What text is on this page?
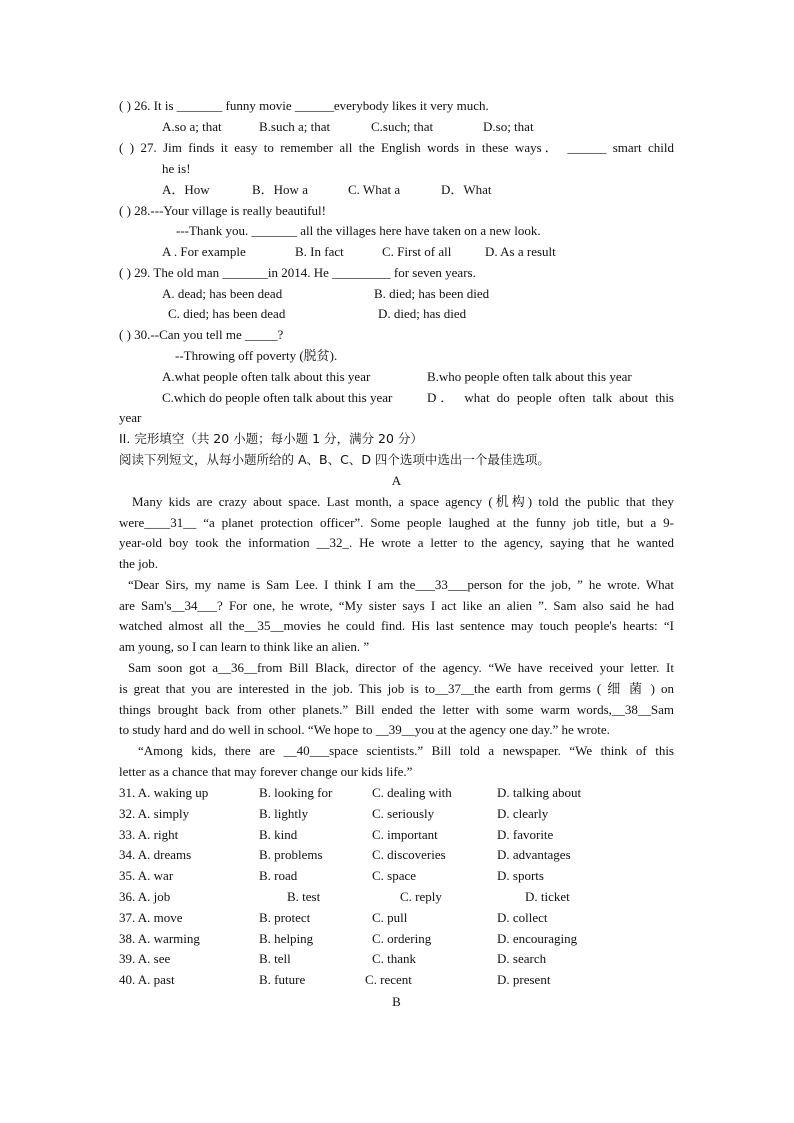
( ) 26. It is _______ funny movie ______everybody likes it very much.
A.so a; that	B.such a; that	C.such; that	D.so; that
( ) 27. Jim finds it easy to remember all the English words in these ways． ______ smart child
he is!
A．How	B．How a	C. What a	D．What
( ) 28.---Your village is really beautiful!
---Thank you. _______ all the villages here have taken on a new look.
A . For example	B. In fact	C. First of all	D. As a result
( ) 29. The old man _______in 2014. He _________ for seven years.
A. dead; has been dead	B. died; has been died
C. died; has been dead	D. died; has died
( ) 30.--Can you tell me _____?
--Throwing off poverty (脱贫).
A.what people often talk about this year	B.who people often talk about this year
C.which do people often talk about this year	D． what do people often talk about this
year
II. 完形填空（共 20 小题；每小题 1 分，满分 20 分）
阅读下列短文，从每小题所给的 A、B、C、D 四个选项中选出一个最佳选项。
A
Many kids are crazy about space. Last month, a space agency (机构) told the public that they
were____31__ “a planet protection officer”. Some people laughed at the funny job title, but a 9-
year-old boy took the information __32_. He wrote a letter to the agency, saying that he wanted
the job.
“Dear Sirs, my name is Sam Lee. I think I am the___33___person for the job, ” he wrote. What
are Sam's__34___? For one, he wrote, “My sister says I act like an alien ”. Sam also said he had
watched almost all the__35__movies he could find. His last sentence may touch people's hearts: “I
am young, so I can learn to think like an alien. ”
Sam soon got a__36__from Bill Black, director of the agency. “We have received your letter. It
is great that you are interested in the job. This job is to__37__the earth from germs ( 细 菌 ) on
things brought back from other planets.” Bill ended the letter with some warm words,__38__Sam
to study hard and do well in school. “We hope to __39__you at the agency one day.” he wrote.
“Among kids, there are __40___space scientists.” Bill told a newspaper. “We think of this
letter as a chance that may forever change our kids life.”
31. A. waking up	B. looking for	C. dealing with	D. talking about
32. A. simply	B. lightly	C. seriously	D. clearly
33. A. right	B. kind	C. important	D. favorite
34. A. dreams	B. problems	C. discoveries	D. advantages
35. A. war	B. road	C. space	D. sports
36. A. job	B. test	C. reply	D. ticket
37. A. move	B. protect	C. pull	D. collect
38. A. warming	B. helping	C. ordering	D. encouraging
39. A. see	B. tell	C. thank	D. search
40. A. past	B. future	C. recent	D. present
B
